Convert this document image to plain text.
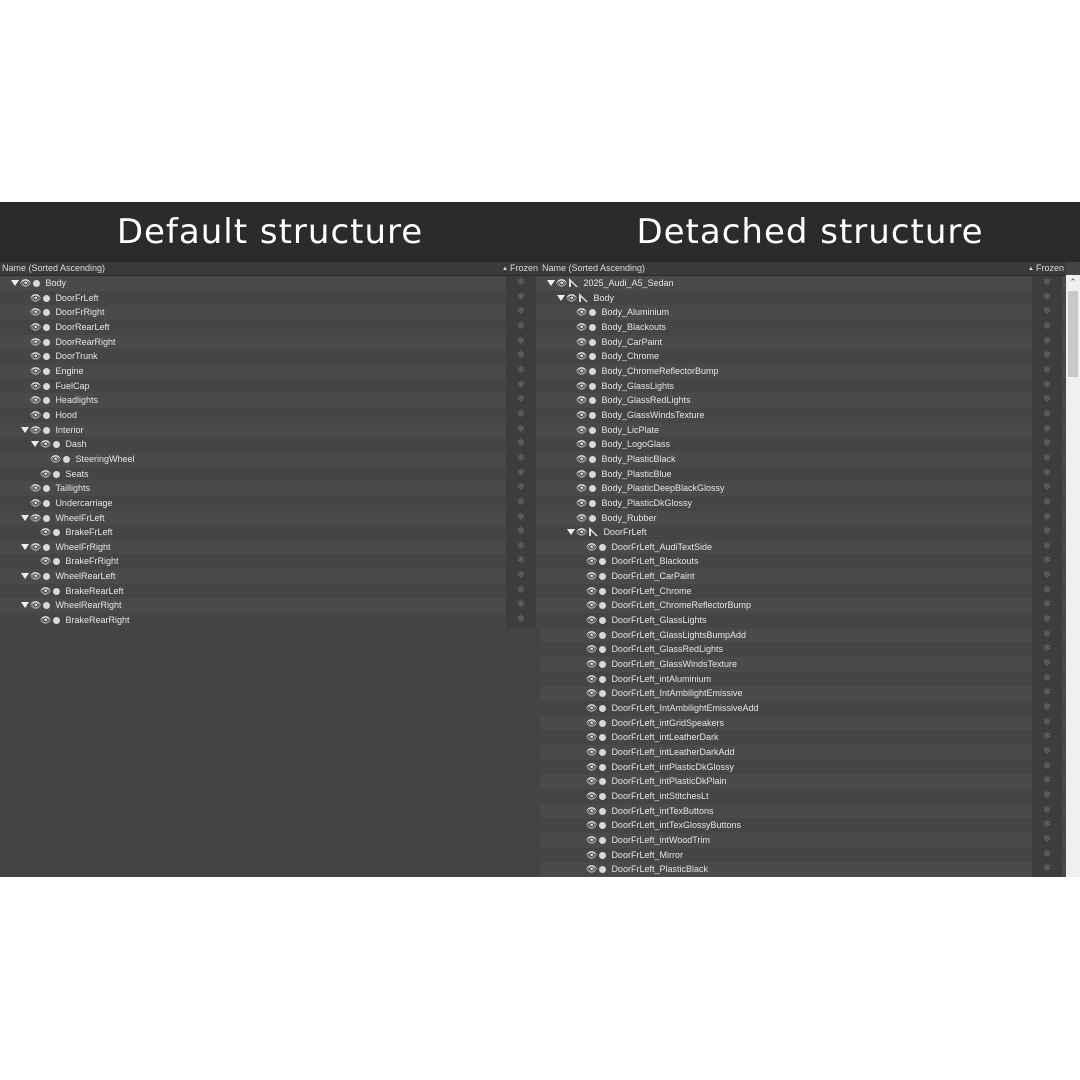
Default structure	Detached structure
Name (Sorted Ascending)	▲ Frozen
👁︎ Body	❄
👁︎ DoorFrLeft	❄
👁︎ DoorFrRight	❄
👁︎ DoorRearLeft	❄
👁︎ DoorRearRight	❄
👁︎ DoorTrunk	❄
👁︎ Engine	❄
👁︎ FuelCap	❄
👁︎ Headlights	❄
👁︎ Hood	❄
👁︎ Interior	❄
👁︎ Dash	❄
👁︎ SteeringWheel	❄
👁︎ Seats	❄
👁︎ Taillights	❄
👁︎ Undercarriage	❄
👁︎ WheelFrLeft	❄
👁︎ BrakeFrLeft	❄
👁︎ WheelFrRight	❄
👁︎ BrakeFrRight	❄
👁︎ WheelRearLeft	❄
👁︎ BrakeRearLeft	❄
👁︎ WheelRearRight	❄
👁︎ BrakeRearRight	❄
Name (Sorted Ascending)	▲ Frozen
👁︎ 2025_Audi_A5_Sedan	❄
👁︎ Body	❄
👁︎ Body_Aluminium	❄
👁︎ Body_Blackouts	❄
👁︎ Body_CarPaint	❄
👁︎ Body_Chrome	❄
👁︎ Body_ChromeReflectorBump	❄
👁︎ Body_GlassLights	❄
👁︎ Body_GlassRedLights	❄
👁︎ Body_GlassWindsTexture	❄
👁︎ Body_LicPlate	❄
👁︎ Body_LogoGlass	❄
👁︎ Body_PlasticBlack	❄
👁︎ Body_PlasticBlue	❄
👁︎ Body_PlasticDeepBlackGlossy	❄
👁︎ Body_PlasticDkGlossy	❄
👁︎ Body_Rubber	❄
👁︎ DoorFrLeft	❄
👁︎ DoorFrLeft_AudiTextSide	❄
👁︎ DoorFrLeft_Blackouts	❄
👁︎ DoorFrLeft_CarPaint	❄
👁︎ DoorFrLeft_Chrome	❄
👁︎ DoorFrLeft_ChromeReflectorBump	❄
👁︎ DoorFrLeft_GlassLights	❄
👁︎ DoorFrLeft_GlassLightsBumpAdd	❄
👁︎ DoorFrLeft_GlassRedLights	❄
👁︎ DoorFrLeft_GlassWindsTexture	❄
👁︎ DoorFrLeft_intAluminium	❄
👁︎ DoorFrLeft_IntAmbilightEmissive	❄
👁︎ DoorFrLeft_IntAmbilightEmissiveAdd	❄
👁︎ DoorFrLeft_intGridSpeakers	❄
👁︎ DoorFrLeft_intLeatherDark	❄
👁︎ DoorFrLeft_intLeatherDarkAdd	❄
👁︎ DoorFrLeft_intPlasticDkGlossy	❄
👁︎ DoorFrLeft_intPlasticDkPlain	❄
👁︎ DoorFrLeft_intStitchesLt	❄
👁︎ DoorFrLeft_intTexButtons	❄
👁︎ DoorFrLeft_intTexGlossyButtons	❄
👁︎ DoorFrLeft_intWoodTrim	❄
👁︎ DoorFrLeft_Mirror	❄
👁︎ DoorFrLeft_PlasticBlack	❄
⌃
